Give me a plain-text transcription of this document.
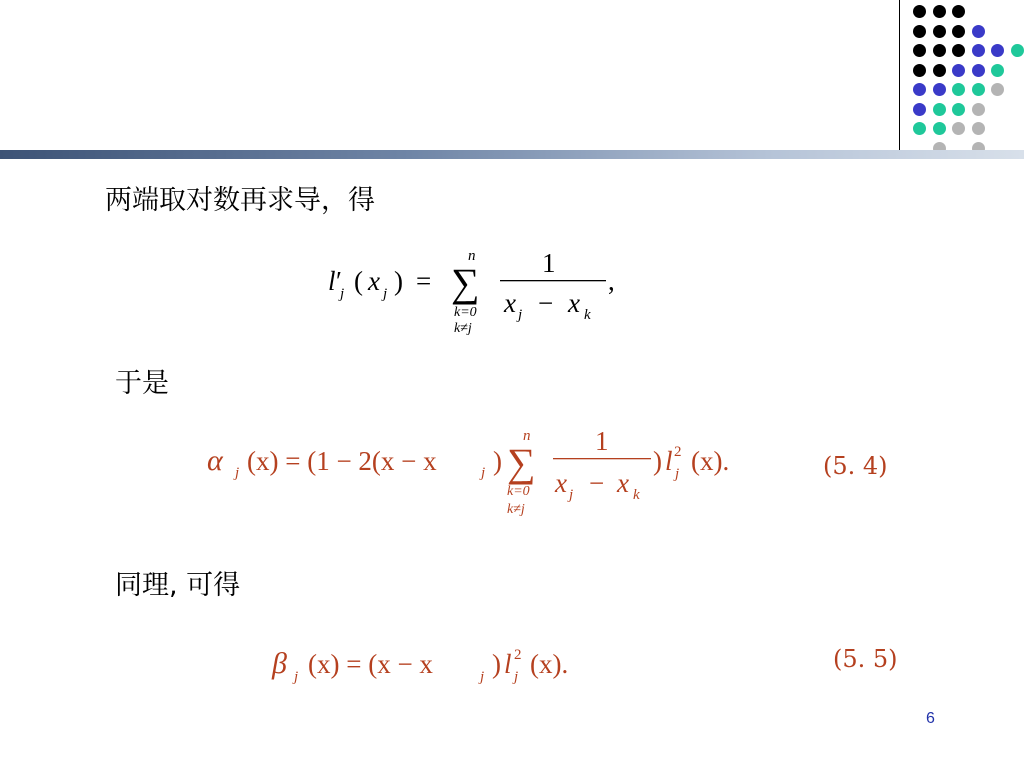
两端取对数再求导，得
l ′
j ( x j ) = ∑
n
k=0
k≠j
1
x j − x k
,
于是
α j (x) = (1 − 2(x − x	j ) ∑
n
k=0
k≠j
1
x j − x k
) l 2
j (x).	(5. 4)
同理, 可得
β j (x) = (x − x	j ) l 2
j (x).	(5. 5)
6
